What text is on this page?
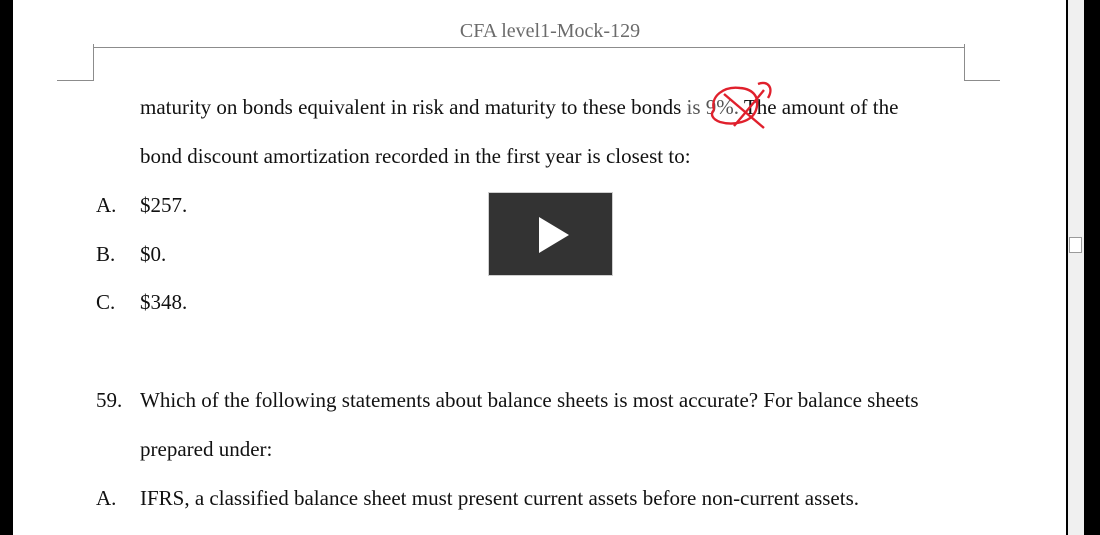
CFA level1-Mock-129
maturity on bonds equivalent in risk and maturity to these bonds is 9%. The amount of the
bond discount amortization recorded in the first year is closest to:
A. $257.
B. $0.
C. $348.
59. Which of the following statements about balance sheets is most accurate? For balance sheets
prepared under:
A. IFRS, a classified balance sheet must present current assets before non-current assets.
